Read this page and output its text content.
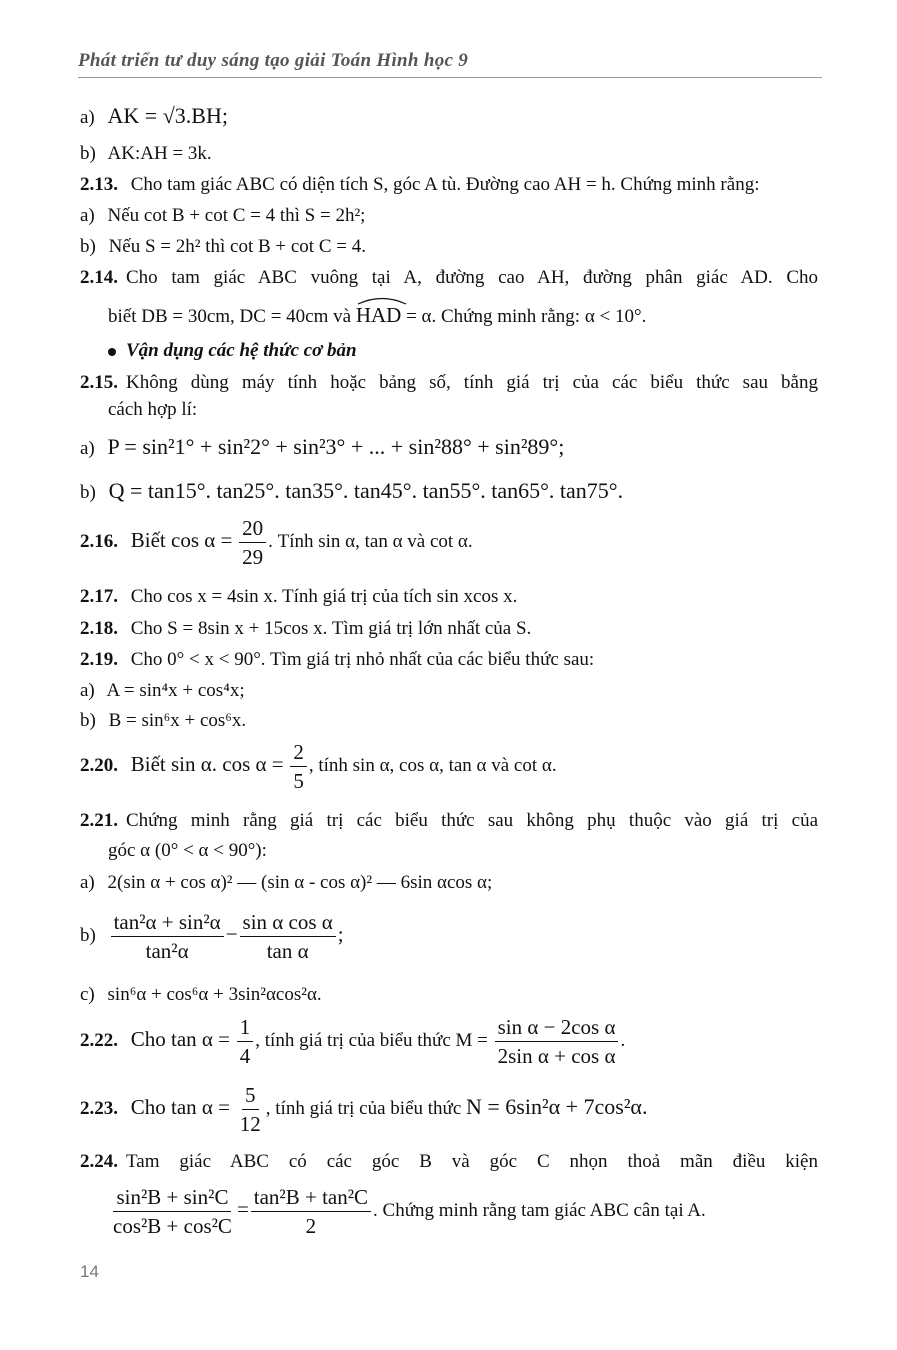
Phát triển tư duy sáng tạo giải Toán Hình học 9
a) AK = √3.BH;
b) AK:AH = 3k.
2.13. Cho tam giác ABC có diện tích S, góc A tù. Đường cao AH = h. Chứng minh rằng:
a) Nếu cot B + cot C = 4 thì S = 2h²;
b) Nếu S = 2h² thì cot B + cot C = 4.
2.14. Cho tam giác ABC vuông tại A, đường cao AH, đường phân giác AD. Cho
biết DB = 30cm, DC = 40cm và HAD = α. Chứng minh rằng: α < 10°.
Vận dụng các hệ thức cơ bản
2.15. Không dùng máy tính hoặc bảng số, tính giá trị của các biểu thức sau bằng
cách hợp lí:
a) P = sin²1° + sin²2° + sin²3° + ... + sin²88° + sin²89°;
b) Q = tan15°. tan25°. tan35°. tan45°. tan55°. tan65°. tan75°.
2.16. Biết $\cos \alpha = \frac{20}{29}$ . Tính sin α, tan α và cot α.
2.17. Cho cos x = 4sin x. Tính giá trị của tích sin xcos x.
2.18. Cho S = 8sin x + 15cos x. Tìm giá trị lớn nhất của S.
2.19. Cho 0° < x < 90°. Tìm giá trị nhỏ nhất của các biểu thức sau:
a) A = sin⁴x + cos⁴x;
b) B = sin⁶x + cos⁶x.
2.20. Biết sin α. $\cos \alpha = \frac{2}{5}$ , tính sin α, cos α, tan α và cot α.
2.21. Chứng minh rằng giá trị các biểu thức sau không phụ thuộc vào giá trị của
góc α (0° < α < 90°):
a) 2(sin α + cos α)² — (sin α - cos α)² — 6sin αcos α;
$b) \frac{\text{tan²α + sin²α}}{\text{tan²α}} - \frac{\text{sin α cos α}}{\text{tan α}}$ ;
c) sin⁶α + cos⁶α + 3sin²αcos²α.
2.22. Cho $\tan \alpha = \frac{1}{4}$ , tính giá trị của biểu thức $M = \frac{\text{sin α − 2cos α}}{\text{2sin α + cos α}}$ .
2.23. Cho $\tan \alpha = \frac{5}{12}$ , tính giá trị của biểu thức N = 6sin²α + 7cos²α.
2.24. Tam giác ABC có các góc B và góc C nhọn thoả mãn điều kiện
$\frac{\text{sin²B + sin²C}}{\text{cos²B + cos²C}} = \frac{\text{tan²B + tan²C}}{2}$ . Chứng minh rằng tam giác ABC cân tại A.
14
